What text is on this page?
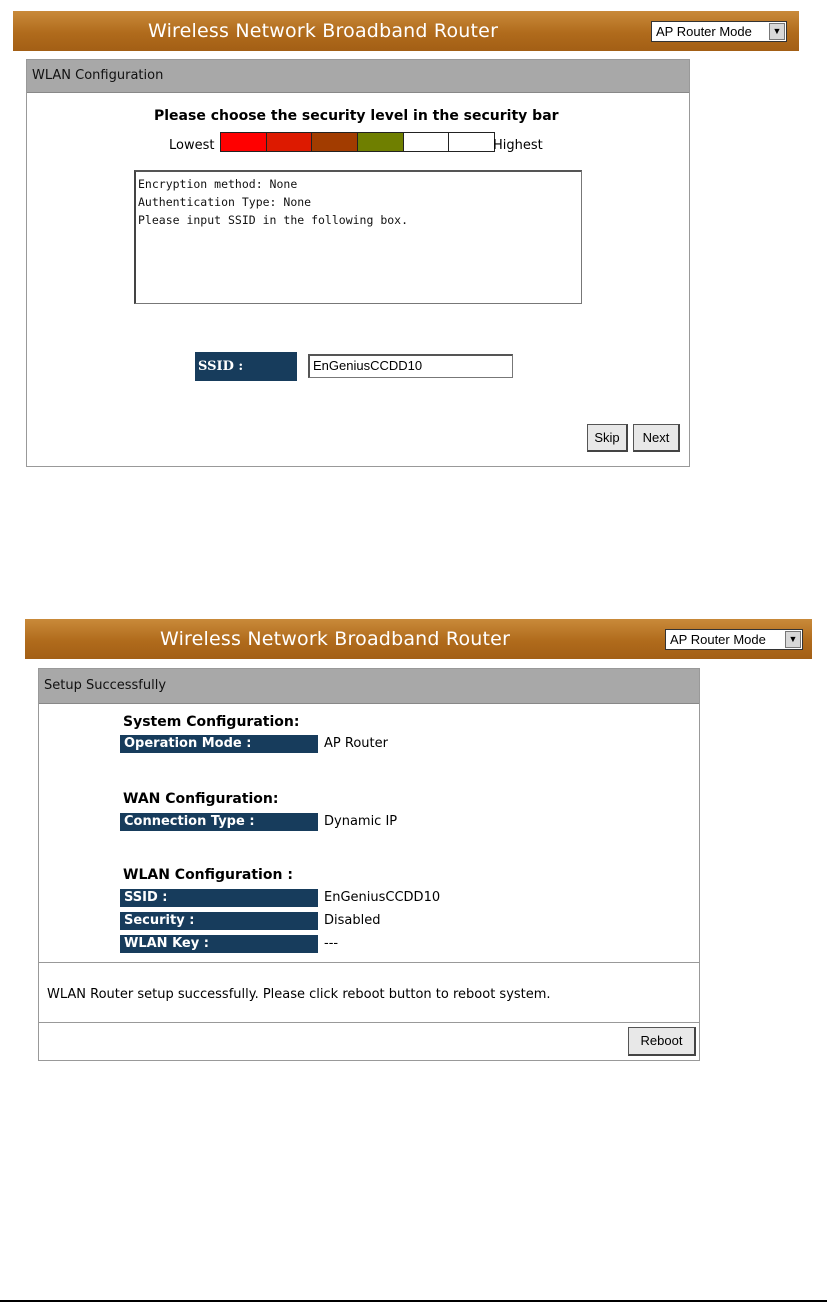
Wireless Network Broadband Router	AP Router Mode	▼
WLAN Configuration
Please choose the security level in the security bar
Lowest	Highest
Encryption method: None
Authentication Type: None
Please input SSID in the following box.
SSID :	EnGeniusCCDD10
Skip	Next
Wireless Network Broadband Router	AP Router Mode	▼
Setup Successfully
System Configuration:
Operation Mode :	AP Router
WAN Configuration:
Connection Type :	Dynamic IP
WLAN Configuration :
SSID :	EnGeniusCCDD10
Security :	Disabled
WLAN Key :	---
WLAN Router setup successfully. Please click reboot button to reboot system.
Reboot
